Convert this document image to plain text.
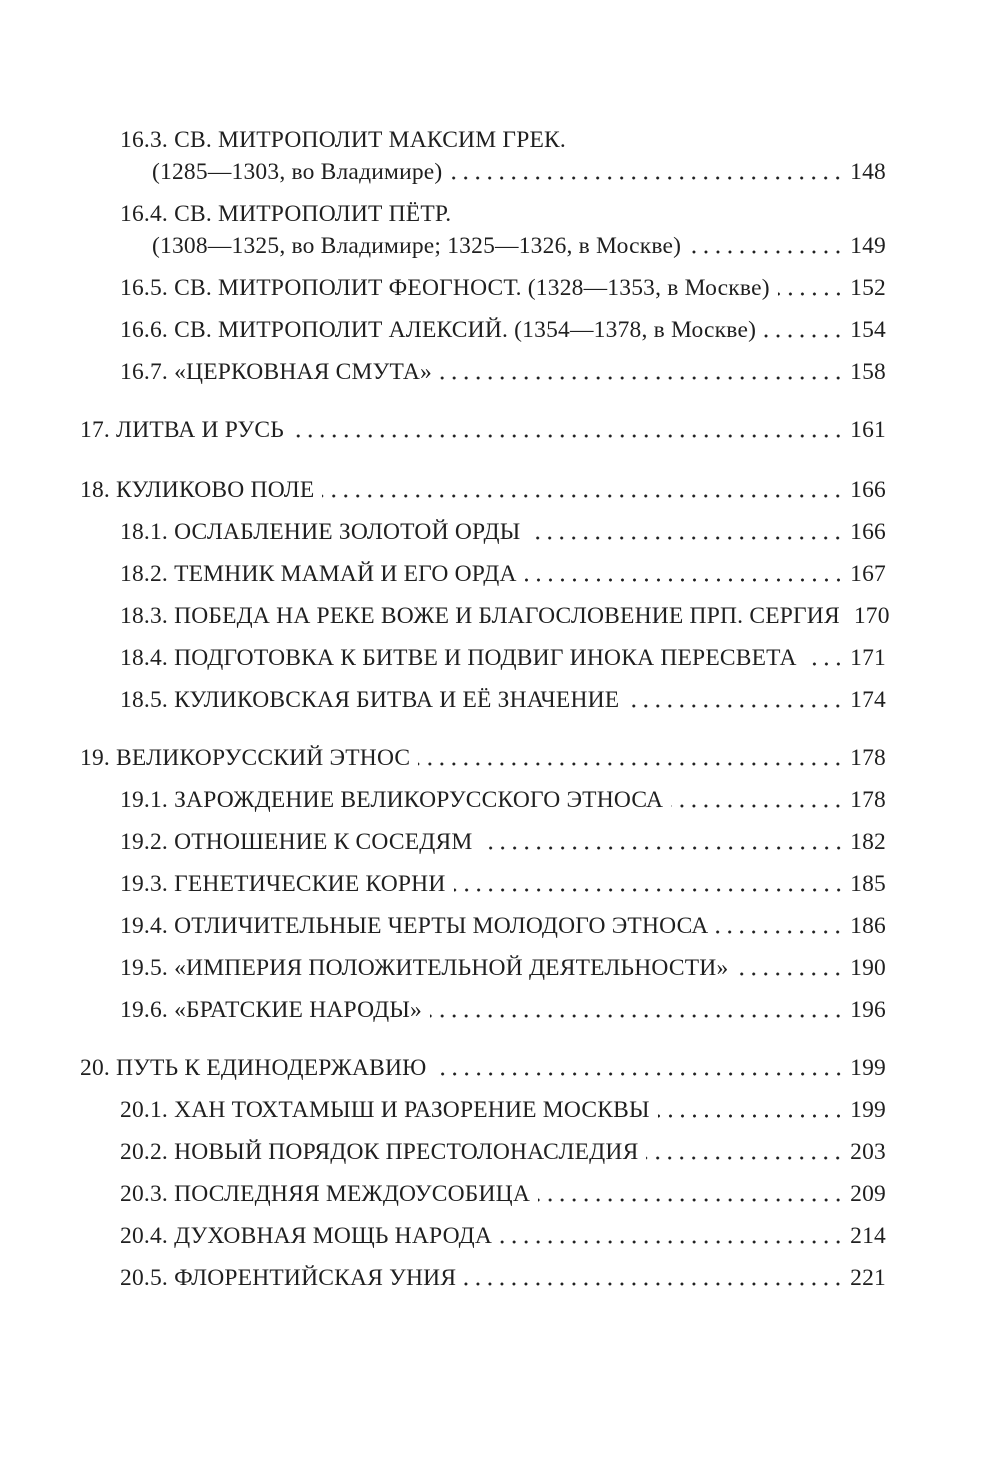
16.3. СВ. МИТРОПОЛИТ МАКСИМ ГРЕК.
(1285—1303, во Владимире)	148
16.4. СВ. МИТРОПОЛИТ ПЁТР.
(1308—1325, во Владимире; 1325—1326, в Москве)	149
16.5. СВ. МИТРОПОЛИТ ФЕОГНОСТ. (1328—1353, в Москве)	152
16.6. СВ. МИТРОПОЛИТ АЛЕКСИЙ. (1354—1378, в Москве)	154
16.7. «ЦЕРКОВНАЯ СМУТА»	158
17. ЛИТВА И РУСЬ	161
18. КУЛИКОВО ПОЛЕ	166
18.1. ОСЛАБЛЕНИЕ ЗОЛОТОЙ ОРДЫ	166
18.2. ТЕМНИК МАМАЙ И ЕГО ОРДА	167
18.3. ПОБЕДА НА РЕКЕ ВОЖЕ И БЛАГОСЛОВЕНИЕ ПРП. СЕРГИЯ 170
18.4. ПОДГОТОВКА К БИТВЕ И ПОДВИГ ИНОКА ПЕРЕСВЕТА 171
18.5. КУЛИКОВСКАЯ БИТВА И ЕЁ ЗНАЧЕНИЕ	174
19. ВЕЛИКОРУССКИЙ ЭТНОС	178
19.1. ЗАРОЖДЕНИЕ ВЕЛИКОРУССКОГО ЭТНОСА	178
19.2. ОТНОШЕНИЕ К СОСЕДЯМ	182
19.3. ГЕНЕТИЧЕСКИЕ КОРНИ	185
19.4. ОТЛИЧИТЕЛЬНЫЕ ЧЕРТЫ МОЛОДОГО ЭТНОСА	186
19.5. «ИМПЕРИЯ ПОЛОЖИТЕЛЬНОЙ ДЕЯТЕЛЬНОСТИ»	190
19.6. «БРАТСКИЕ НАРОДЫ»	196
20. ПУТЬ К ЕДИНОДЕРЖАВИЮ	199
20.1. ХАН ТОХТАМЫШ И РАЗОРЕНИЕ МОСКВЫ	199
20.2. НОВЫЙ ПОРЯДОК ПРЕСТОЛОНАСЛЕДИЯ	203
20.3. ПОСЛЕДНЯЯ МЕЖДОУСОБИЦА	209
20.4. ДУХОВНАЯ МОЩЬ НАРОДА	214
20.5. ФЛОРЕНТИЙСКАЯ УНИЯ	221
